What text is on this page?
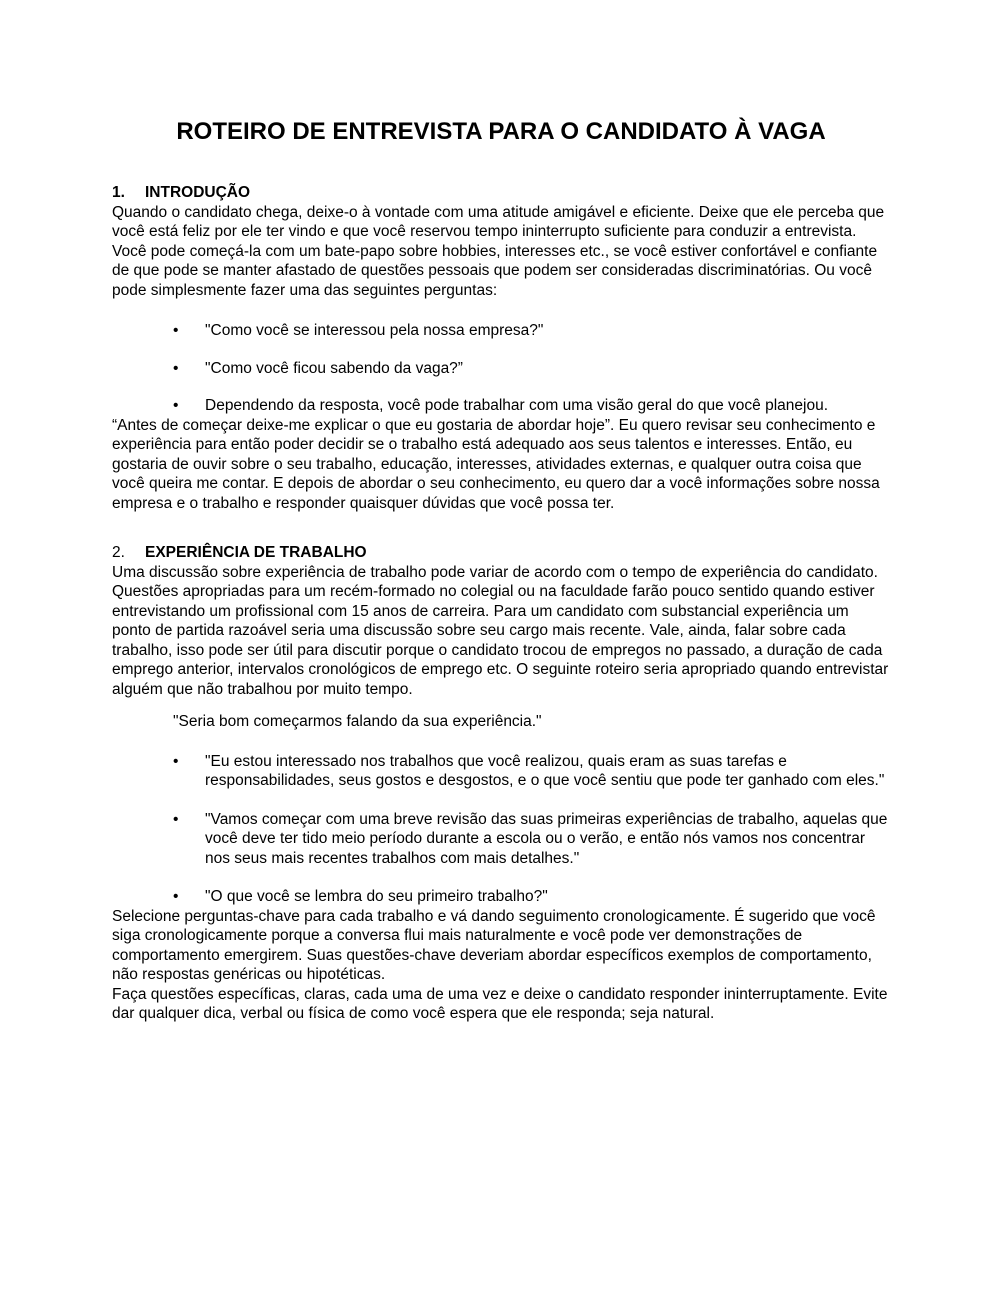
ROTEIRO DE ENTREVISTA PARA O CANDIDATO À VAGA
1.	INTRODUÇÃO

Quando o candidato chega, deixe-o à vontade com uma atitude amigável e eficiente. Deixe que ele perceba que você está feliz por ele ter vindo e que você reservou tempo ininterrupto suficiente para conduzir a entrevista. Você pode começá-la com um bate-papo sobre hobbies, interesses etc., se você estiver confortável e confiante de que pode se manter afastado de questões pessoais que podem ser consideradas discriminatórias. Ou você pode simplesmente fazer uma das seguintes perguntas:

• "Como você se interessou pela nossa empresa?"
• "Como você ficou sabendo da vaga?”
• Dependendo da resposta, você pode trabalhar com uma visão geral do que você planejou.

“Antes de começar deixe-me explicar o que eu gostaria de abordar hoje”. Eu quero revisar seu conhecimento e experiência para então poder decidir se o trabalho está adequado aos seus talentos e interesses. Então, eu gostaria de ouvir sobre o seu trabalho, educação, interesses, atividades externas, e qualquer outra coisa que você queira me contar. E depois de abordar o seu conhecimento, eu quero dar a você informações sobre nossa empresa e o trabalho e responder quaisquer dúvidas que você possa ter.

2.	EXPERIÊNCIA DE TRABALHO

Uma discussão sobre experiência de trabalho pode variar de acordo com o tempo de experiência do candidato. Questões apropriadas para um recém-formado no colegial ou na faculdade farão pouco sentido quando estiver entrevistando um profissional com 15 anos de carreira. Para um candidato com substancial experiência um ponto de partida razoável seria uma discussão sobre seu cargo mais recente. Vale, ainda, falar sobre cada trabalho, isso pode ser útil para discutir porque o candidato trocou de empregos no passado, a duração de cada emprego anterior, intervalos cronológicos de emprego etc. O seguinte roteiro seria apropriado quando entrevistar alguém que não trabalhou por muito tempo.

"Seria bom começarmos falando da sua experiência."

• "Eu estou interessado nos trabalhos que você realizou, quais eram as suas tarefas e responsabilidades, seus gostos e desgostos, e o que você sentiu que pode ter ganhado com eles."
• "Vamos começar com uma breve revisão das suas primeiras experiências de trabalho, aquelas que você deve ter tido meio período durante a escola ou o verão, e então nós vamos nos concentrar nos seus mais recentes trabalhos com mais detalhes."
• "O que você se lembra do seu primeiro trabalho?"

Selecione perguntas-chave para cada trabalho e vá dando seguimento cronologicamente. É sugerido que você siga cronologicamente porque a conversa flui mais naturalmente e você pode ver demonstrações de comportamento emergirem. Suas questões-chave deveriam abordar específicos exemplos de comportamento, não respostas genéricas ou hipotéticas.

Faça questões específicas, claras, cada uma de uma vez e deixe o candidato responder ininterruptamente. Evite dar qualquer dica, verbal ou física de como você espera que ele responda; seja natural.
